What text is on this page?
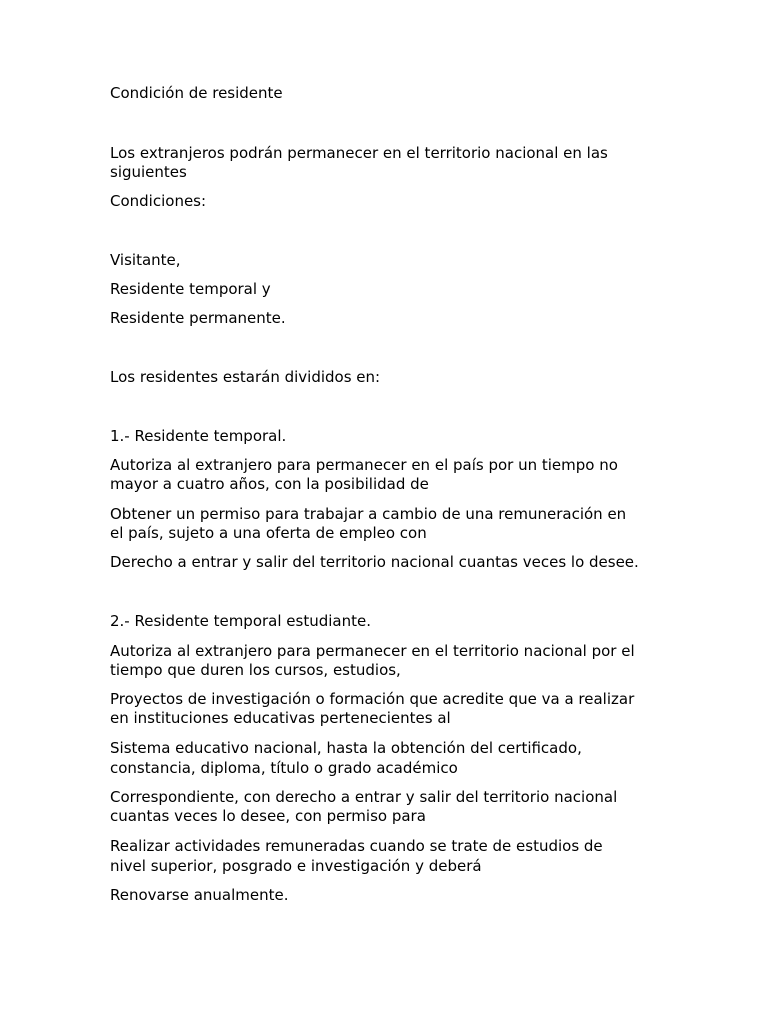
Condición de residente
Los extranjeros podrán permanecer en el territorio nacional en las
siguientes
Condiciones:
Visitante,
Residente temporal y
Residente permanente.
Los residentes estarán divididos en:
1.- Residente temporal.
Autoriza al extranjero para permanecer en el país por un tiempo no
mayor a cuatro años, con la posibilidad de
Obtener un permiso para trabajar a cambio de una remuneración en
el país, sujeto a una oferta de empleo con
Derecho a entrar y salir del territorio nacional cuantas veces lo desee.
2.- Residente temporal estudiante.
Autoriza al extranjero para permanecer en el territorio nacional por el
tiempo que duren los cursos, estudios,
Proyectos de investigación o formación que acredite que va a realizar
en instituciones educativas pertenecientes al
Sistema educativo nacional, hasta la obtención del certificado,
constancia, diploma, título o grado académico
Correspondiente, con derecho a entrar y salir del territorio nacional
cuantas veces lo desee, con permiso para
Realizar actividades remuneradas cuando se trate de estudios de
nivel superior, posgrado e investigación y deberá
Renovarse anualmente.
